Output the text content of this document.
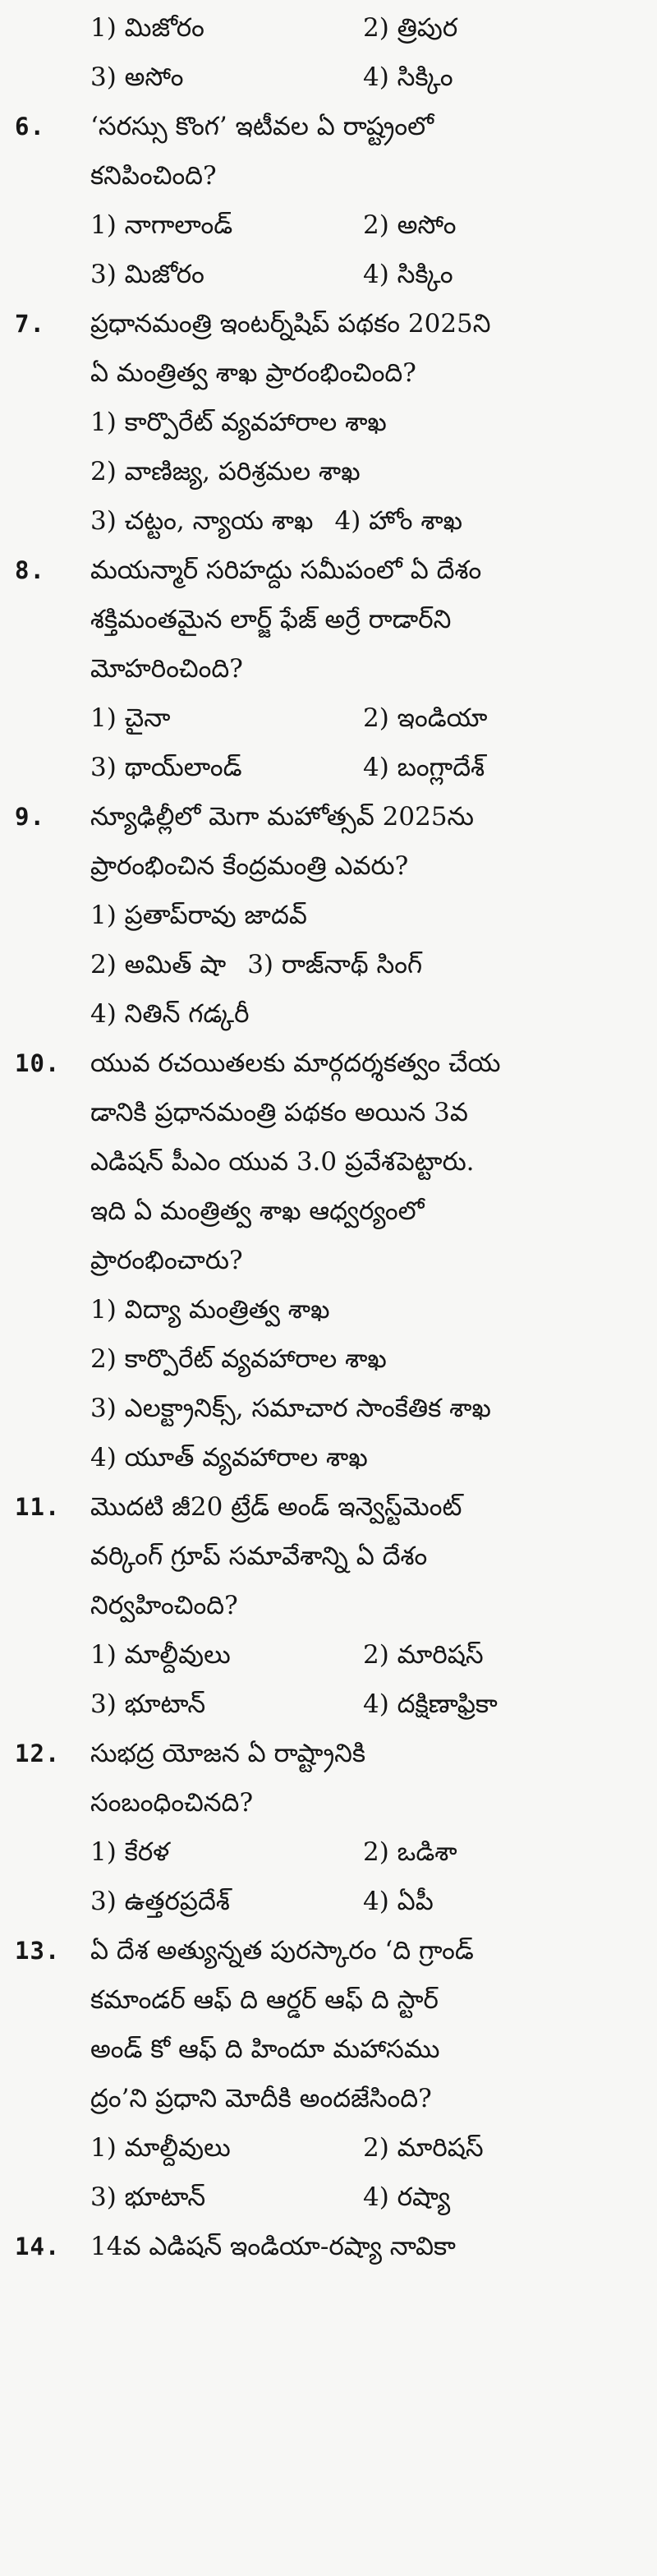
1) మిజోరం	2) త్రిపుర
3) అసోం	4) సిక్కిం
6.	‘సరస్సు కొంగ’ ఇటీవల ఏ రాష్ట్రంలో
కనిపించింది?
1) నాగాలాండ్	2) అసోం
3) మిజోరం	4) సిక్కిం
7.	ప్రధానమంత్రి ఇంటర్న్‌షిప్ పథకం 2025ని
ఏ మంత్రిత్వ శాఖ ప్రారంభించింది?
1) కార్పొరేట్ వ్యవహారాల శాఖ
2) వాణిజ్య, పరిశ్రమల శాఖ
3) చట్టం, న్యాయ శాఖ 4) హోం శాఖ
8.	మయన్మార్ సరిహద్దు సమీపంలో ఏ దేశం
శక్తిమంతమైన లార్జ్ ఫేజ్ అర్రే రాడార్‌ని
మోహరించింది?
1) చైనా	2) ఇండియా
3) థాయ్‌లాండ్	4) బంగ్లాదేశ్
9.	న్యూఢిల్లీలో మెగా మహోత్సవ్ 2025ను
ప్రారంభించిన కేంద్రమంత్రి ఎవరు?
1) ప్రతాప్‌రావు జాదవ్
2) అమిత్ షా 3) రాజ్‌నాథ్ సింగ్
4) నితిన్ గడ్కరీ
10.	యువ రచయితలకు మార్గదర్శకత్వం చేయ
డానికి ప్రధానమంత్రి పథకం అయిన 3వ
ఎడిషన్ పీఎం యువ 3.0 ప్రవేశపెట్టారు.
ఇది ఏ మంత్రిత్వ శాఖ ఆధ్వర్యంలో
ప్రారంభించారు?
1) విద్యా మంత్రిత్వ శాఖ
2) కార్పొరేట్ వ్యవహారాల శాఖ
3) ఎలక్ట్రానిక్స్, సమాచార సాంకేతిక శాఖ
4) యూత్ వ్యవహారాల శాఖ
11.	మొదటి జీ20 ట్రేడ్ అండ్ ఇన్వెస్ట్‌మెంట్
వర్కింగ్ గ్రూప్ సమావేశాన్ని ఏ దేశం
నిర్వహించింది?
1) మాల్దీవులు	2) మారిషస్
3) భూటాన్	4) దక్షిణాఫ్రికా
12.	సుభద్ర యోజన ఏ రాష్ట్రానికి
సంబంధించినది?
1) కేరళ	2) ఒడిశా
3) ఉత్తరప్రదేశ్	4) ఏపీ
13.	ఏ దేశ అత్యున్నత పురస్కారం ‘ది గ్రాండ్
కమాండర్ ఆఫ్ ది ఆర్డర్ ఆఫ్ ది స్టార్
అండ్ కో ఆఫ్ ది హిందూ మహాసము
ద్రం’ని ప్రధాని మోదీకి అందజేసింది?
1) మాల్దీవులు	2) మారిషస్
3) భూటాన్	4) రష్యా
14.	14వ ఎడిషన్ ఇండియా-రష్యా నావికా
